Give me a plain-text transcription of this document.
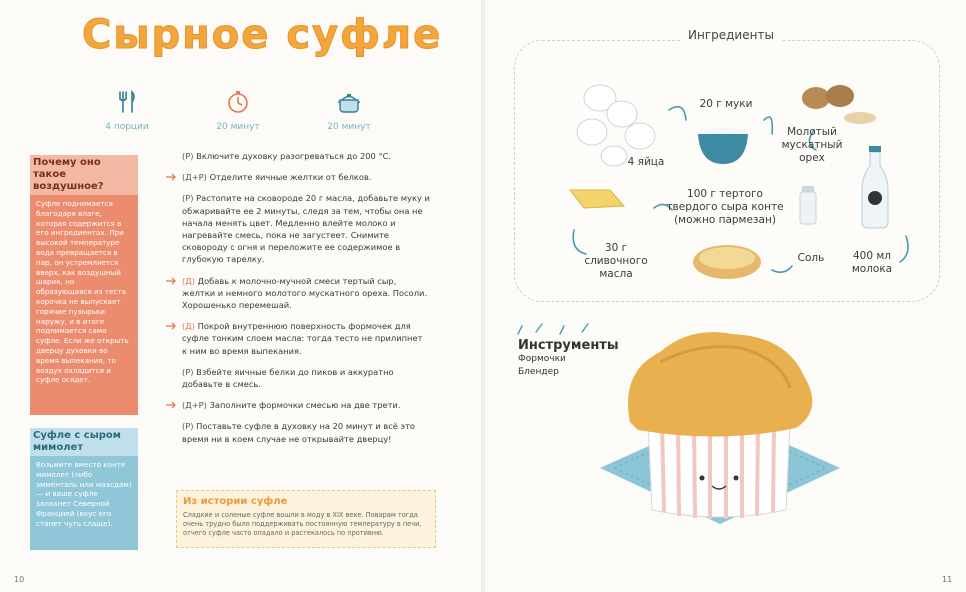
Сырное суфле
4 порции	20 минут	20 минут
Почему оно такое воздушное?
Суфле поднимается благодаря влаге, которая содержится в его ингредиентах. При высокой температуре вода превращается в пар, он устремляется вверх, как воздушный шарик, но образующаяся из теста корочка не выпускает горячие пузырьки наружу, и в итоге поднимается само суфле. Если же открыть дверцу духовки во время выпекания, то воздух охладится и суфле осядет.
Суфле с сыром мимолет
Возьмите вместо конте мимолет (либо эмменталь или маасдам) — и ваше суфле запахнет Северной Францией (вкус его станет чуть слаще).
(Р) Включите духовку разогреваться до 200 °С.
(Д+Р) Отделите яичные желтки от белков.
(Р) Растопите на сковороде 20 г масла, добавьте муку и обжаривайте ее 2 минуты, следя за тем, чтобы она не начала менять цвет. Медленно влейте молоко и нагревайте смесь, пока не загустеет. Снимите сковороду с огня и переложите ее содержимое в глубокую тарелку.
(Д) Добавь к молочно-мучной смеси тертый сыр, желтки и немного молотого мускатного ореха. Посоли. Хорошенько перемешай.
(Д) Покрой внутреннюю поверхность формочек для суфле тонким слоем масла: тогда тесто не прилипнет к ним во время выпекания.
(Р) Взбейте яичные белки до пиков и аккуратно добавьте в смесь.
(Д+Р) Заполните формочки смесью на две трети.
(Р) Поставьте суфле в духовку на 20 минут и всё это время ни в коем случае не открывайте дверцу!
Из истории суфле
Сладкие и соленые суфле вошли в моду в XIX веке. Поварам тогда очень трудно было поддерживать постоянную температуру в печи, отчего суфле часто опадало и растекалось по противню.
10	11
Ингредиенты
4 яйца
20 г муки
Молотый мускатный орех
100 г тертого твердого сыра конте (можно пармезан)
30 г сливочного масла
Соль	400 мл молока
Инструменты
Формочки
Блендер
